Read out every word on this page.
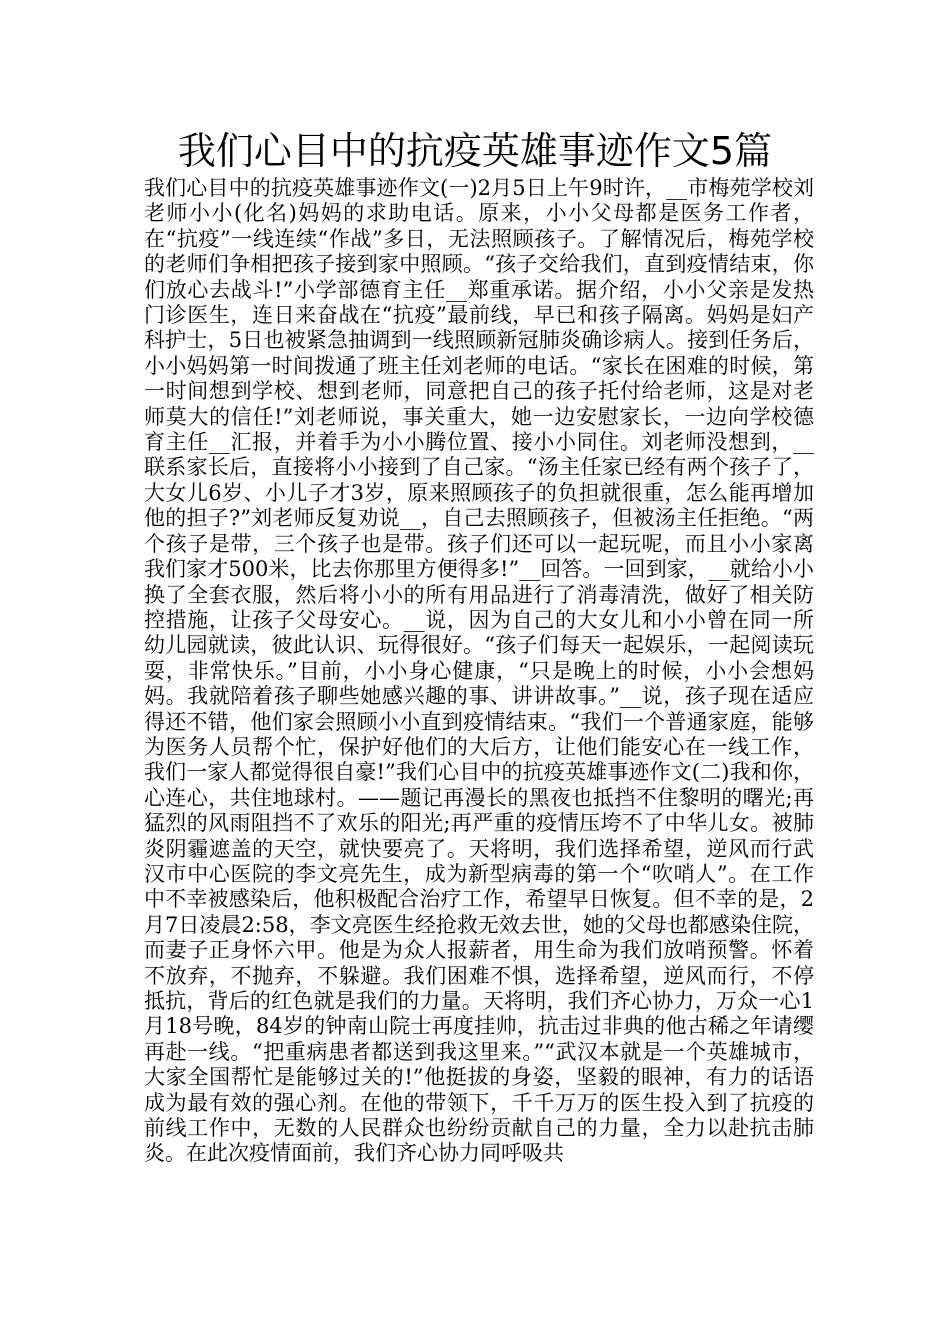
我们心目中的抗疫英雄事迹作文5篇

我们心目中的抗疫英雄事迹作文(一)2月5日上午9时许，__市梅苑学校刘老师小小(化名)妈妈的求助电话。原来，小小父母都是医务工作者，在“抗疫”一线连续“作战”多日，无法照顾孩子。了解情况后，梅苑学校的老师们争相把孩子接到家中照顾。“孩子交给我们，直到疫情结束，你们放心去战斗!”小学部德育主任__郑重承诺。据介绍，小小父亲是发热门诊医生，连日来奋战在“抗疫”最前线，早已和孩子隔离。妈妈是妇产科护士，5日也被紧急抽调到一线照顾新冠肺炎确诊病人。接到任务后，小小妈妈第一时间拨通了班主任刘老师的电话。“家长在困难的时候，第一时间想到学校、想到老师，同意把自己的孩子托付给老师，这是对老师莫大的信任!”刘老师说，事关重大，她一边安慰家长，一边向学校德育主任__汇报，并着手为小小腾位置、接小小同住。刘老师没想到，__联系家长后，直接将小小接到了自己家。“汤主任家已经有两个孩子了，大女儿6岁、小儿子才3岁，原来照顾孩子的负担就很重，怎么能再增加他的担子?”刘老师反复劝说__，自己去照顾孩子，但被汤主任拒绝。“两个孩子是带，三个孩子也是带。孩子们还可以一起玩呢，而且小小家离我们家才500米，比去你那里方便得多!”__回答。一回到家，__就给小小换了全套衣服，然后将小小的所有用品进行了消毒清洗，做好了相关防控措施，让孩子父母安心。__说，因为自己的大女儿和小小曾在同一所幼儿园就读，彼此认识、玩得很好。“孩子们每天一起娱乐，一起阅读玩耍，非常快乐。”目前，小小身心健康，“只是晚上的时候，小小会想妈妈。我就陪着孩子聊些她感兴趣的事、讲讲故事。”__说，孩子现在适应得还不错，他们家会照顾小小直到疫情结束。“我们一个普通家庭，能够为医务人员帮个忙，保护好他们的大后方，让他们能安心在一线工作，我们一家人都觉得很自豪!”我们心目中的抗疫英雄事迹作文(二)我和你，心连心，共住地球村。——题记再漫长的黑夜也抵挡不住黎明的曙光;再猛烈的风雨阻挡不了欢乐的阳光;再严重的疫情压垮不了中华儿女。被肺炎阴霾遮盖的天空，就快要亮了。天将明，我们选择希望，逆风而行武汉市中心医院的李文亮先生，成为新型病毒的第一个“吹哨人”。在工作中不幸被感染后，他积极配合治疗工作，希望早日恢复。但不幸的是，2月7日凌晨2:58，李文亮医生经抢救无效去世，她的父母也都感染住院，而妻子正身怀六甲。他是为众人报薪者，用生命为我们放哨预警。怀着不放弃，不抛弃，不躲避。我们困难不惧，选择希望，逆风而行，不停抵抗，背后的红色就是我们的力量。天将明，我们齐心协力，万众一心1月18号晚，84岁的钟南山院士再度挂帅，抗击过非典的他古稀之年请缨再赴一线。“把重病患者都送到我这里来。”“武汉本就是一个英雄城市，大家全国帮忙是能够过关的!”他挺拔的身姿，坚毅的眼神，有力的话语成为最有效的强心剂。在他的带领下，千千万万的医生投入到了抗疫的前线工作中，无数的人民群众也纷纷贡献自己的力量，全力以赴抗击肺炎。在此次疫情面前，我们齐心协力同呼吸共
